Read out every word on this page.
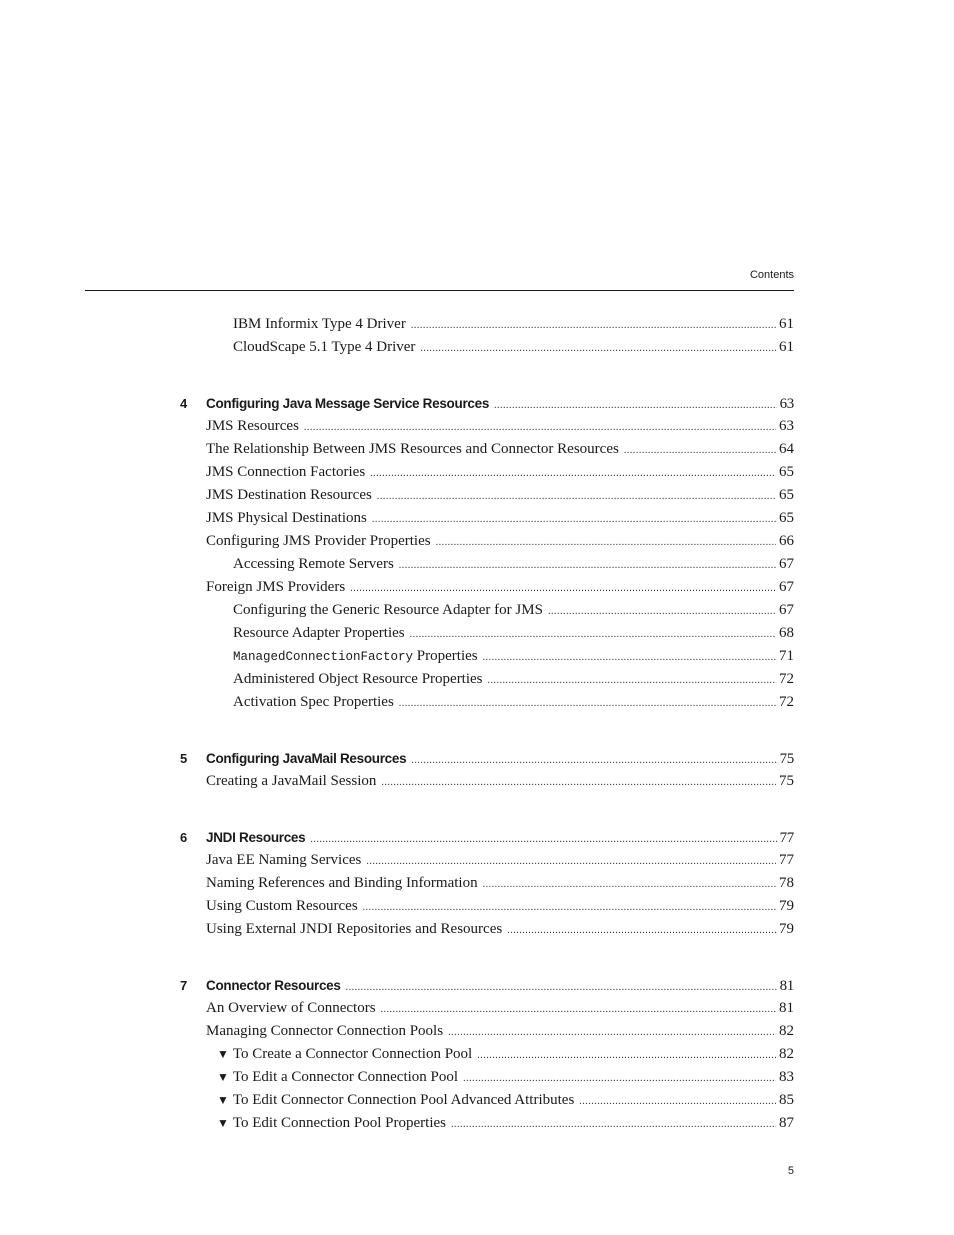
Contents
IBM Informix Type 4 Driver .....	61
CloudScape 5.1 Type 4 Driver .....	61
4 Configuring Java Message Service Resources .....	63
JMS Resources .....	63
The Relationship Between JMS Resources and Connector Resources .....	64
JMS Connection Factories .....	65
JMS Destination Resources .....	65
JMS Physical Destinations .....	65
Configuring JMS Provider Properties .....	66
Accessing Remote Servers .....	67
Foreign JMS Providers .....	67
Configuring the Generic Resource Adapter for JMS .....	67
Resource Adapter Properties .....	68
ManagedConnectionFactory Properties .....	71
Administered Object Resource Properties .....	72
Activation Spec Properties .....	72
5 Configuring JavaMail Resources .....	75
Creating a JavaMail Session .....	75
6 JNDI Resources .....	77
Java EE Naming Services .....	77
Naming References and Binding Information .....	78
Using Custom Resources .....	79
Using External JNDI Repositories and Resources .....	79
7 Connector Resources .....	81
An Overview of Connectors .....	81
Managing Connector Connection Pools .....	82
▼ To Create a Connector Connection Pool .....	82
▼ To Edit a Connector Connection Pool .....	83
▼ To Edit Connector Connection Pool Advanced Attributes .....	85
▼ To Edit Connection Pool Properties .....	87
5
